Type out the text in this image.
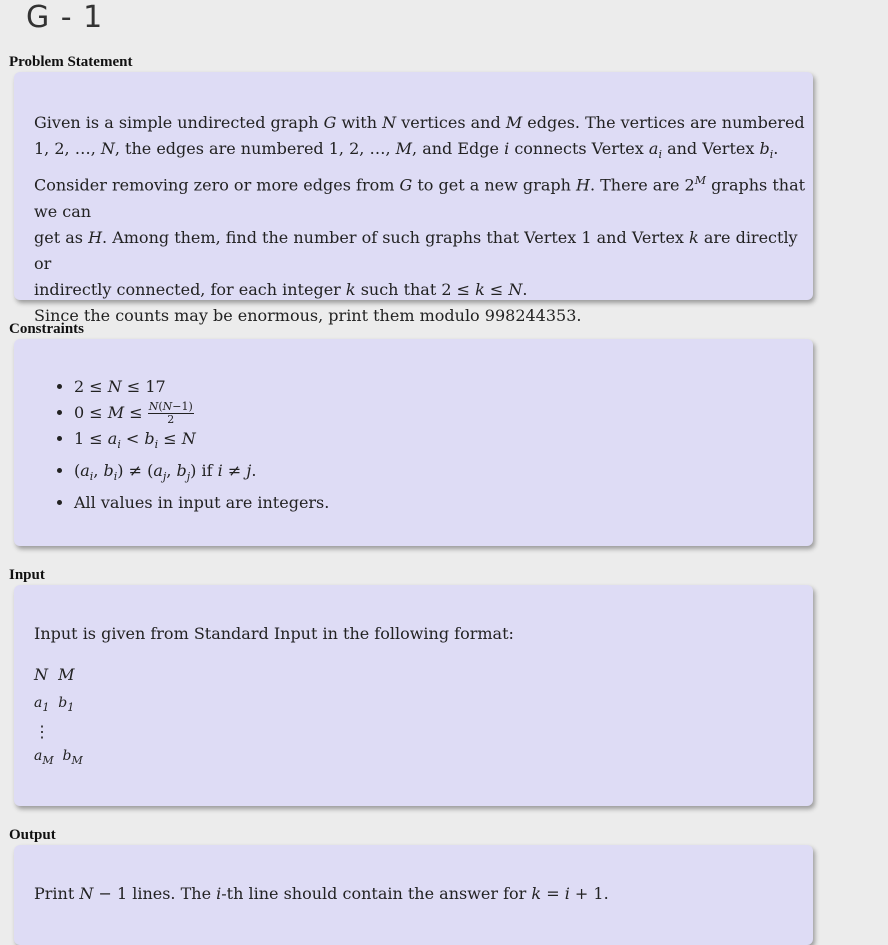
G - 1
Problem Statement

Given is a simple undirected graph G with N vertices and M edges. The vertices are numbered
1, 2, …, N, the edges are numbered 1, 2, …, M, and Edge i connects Vertex $a_i$ and Vertex $b_i$.
Consider removing zero or more edges from G to get a new graph H. There are $2^M$ graphs that we can
get as H. Among them, find the number of such graphs that Vertex 1 and Vertex k are directly or
indirectly connected, for each integer k such that 2 ≤ k ≤ N.
Since the counts may be enormous, print them modulo 998244353.

Constraints
• 2 ≤ N ≤ 17
• $0 \le M \le \frac{N(N-1)}{2}$
• $1 \le a_i < b_i \le N$
• ($a_i$, $b_i) \ne (a_j$, $b_j$) if i ≠ j.
• All values in input are integers.
Input

Input is given from Standard Input in the following format:

N  M
$a_1$  $b_1$
⋮
$a_M$  $b_M$
Output

Print N − 1 lines. The i-th line should contain the answer for k = i + 1.
